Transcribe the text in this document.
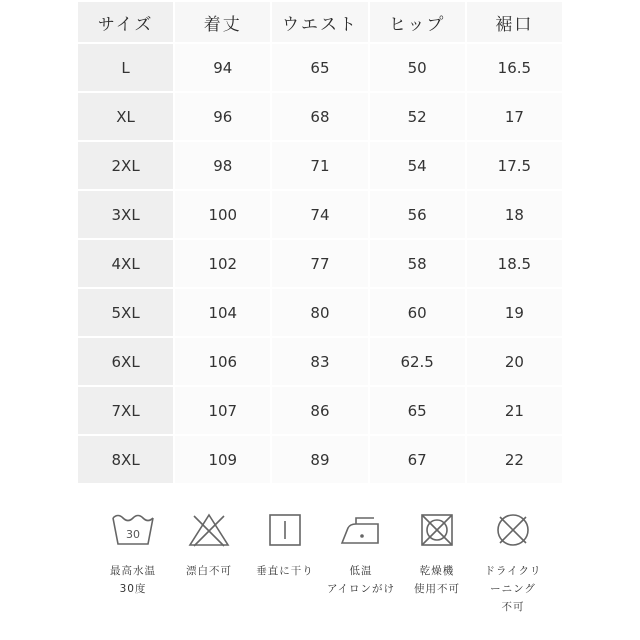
サイズ	着丈	ウエスト	ヒップ	裾口
L	94	65	50	16.5
XL	96	68	52	17
2XL	98	71	54	17.5
3XL	100	74	56	18
4XL	102	77	58	18.5
5XL	104	80	60	19
6XL	106	83	62.5	20
7XL	107	86	65	21
8XL	109	89	67	22
30
最高水温
30度
漂白不可	垂直に干り	低温
アイロンがけ
乾燥機
使用不可
ドライクリ
ーニング
不可
